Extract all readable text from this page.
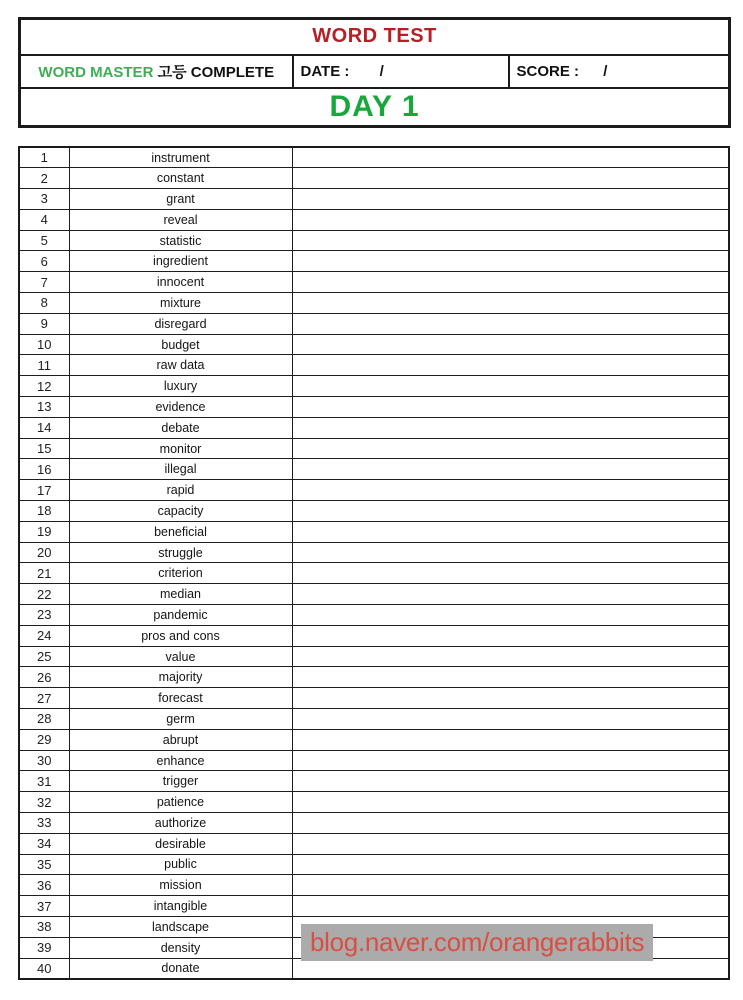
WORD TEST
WORD MASTER 고등 COMPLETE	DATE : /	SCORE : /
DAY 1
1	instrument	
2	constant	
3	grant	
4	reveal	
5	statistic	
6	ingredient	
7	innocent	
8	mixture	
9	disregard	
10	budget	
11	raw data	
12	luxury	
13	evidence	
14	debate	
15	monitor	
16	illegal	
17	rapid	
18	capacity	
19	beneficial	
20	struggle	
21	criterion	
22	median	
23	pandemic	
24	pros and cons	
25	value	
26	majority	
27	forecast	
28	germ	
29	abrupt	
30	enhance	
31	trigger	
32	patience	
33	authorize	
34	desirable	
35	public	
36	mission	
37	intangible	
38	landscape	
39	density	
40	donate	
blog.naver.com/orangerabbits
